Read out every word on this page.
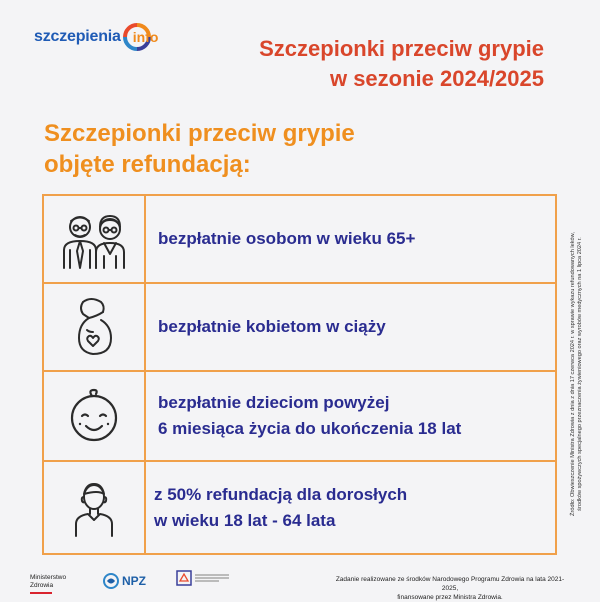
szczepienia info	Szczepionki przeciw grypie
w sezonie 2024/2025
Szczepionki przeciw grypie
objęte refundacją:
bezpłatnie osobom w wieku 65+
bezpłatnie kobietom w ciąży
bezpłatnie dzieciom powyżej
6 miesiąca życia do ukończenia 18 lat
z 50% refundacją dla dorosłych
w wieku 18 lat - 64 lata
Źródło: Obwieszczenie Ministra Zdrowia z dnia z dnia 17 czerwca 2024 r. w sprawie wykazu refundowanych leków, środków spożywczych specjalnego przeznaczenia żywieniowego oraz wyrobów medycznych na 1 lipca 2024 r.
Ministerstwo
Zdrowia	NPZ	Zadanie realizowane ze środków Narodowego Programu Zdrowia na lata 2021-2025,
finansowane przez Ministra Zdrowia.
